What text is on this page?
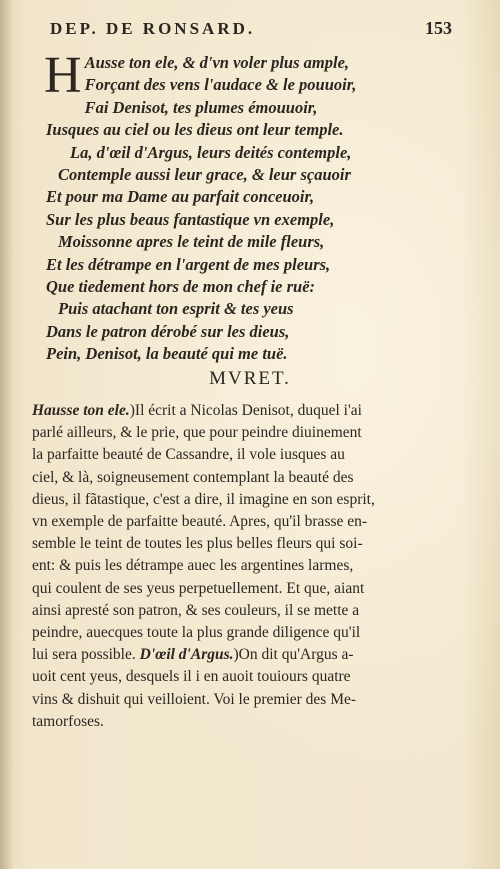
DEP. DE RONSARD.	153
H Ausse ton ele, & d'vn voler plus ample,
Forçant des vens l'audace & le pouuoir,
Fai Denisot, tes plumes émouuoir,
Iusques au ciel ou les dieus ont leur temple.
La, d'œil d'Argus, leurs deités contemple,
Contemple aussi leur grace, & leur sçauoir
Et pour ma Dame au parfait conceuoir,
Sur les plus beaus fantastique vn exemple,
Moissonne apres le teint de mile fleurs,
Et les détrampe en l'argent de mes pleurs,
Que tiedement hors de mon chef ie ruë:
Puis atachant ton esprit & tes yeus
Dans le patron dérobé sur les dieus,
Pein, Denisot, la beauté qui me tuë.
MVRET.
Hausse ton ele.)Il écrit a Nicolas Denisot, duquel i'ai
parlé ailleurs, & le prie, que pour peindre diuinement
la parfaitte beauté de Cassandre, il vole iusques au
ciel, & là, soigneusement contemplant la beauté des
dieus, il fãtastique, c'est a dire, il imagine en son esprit,
vn exemple de parfaitte beauté. Apres, qu'il brasse en-
semble le teint de toutes les plus belles fleurs qui soi-
ent: & puis les détrampe auec les argentines larmes,
qui coulent de ses yeus perpetuellement. Et que, aiant
ainsi apresté son patron, & ses couleurs, il se mette a
peindre, auecques toute la plus grande diligence qu'il
lui sera possible. D'œil d'Argus.)On dit qu'Argus a-
uoit cent yeus, desquels il i en auoit touiours quatre
vins & dishuit qui veilloient. Voi le premier des Me-
tamorfoses.
